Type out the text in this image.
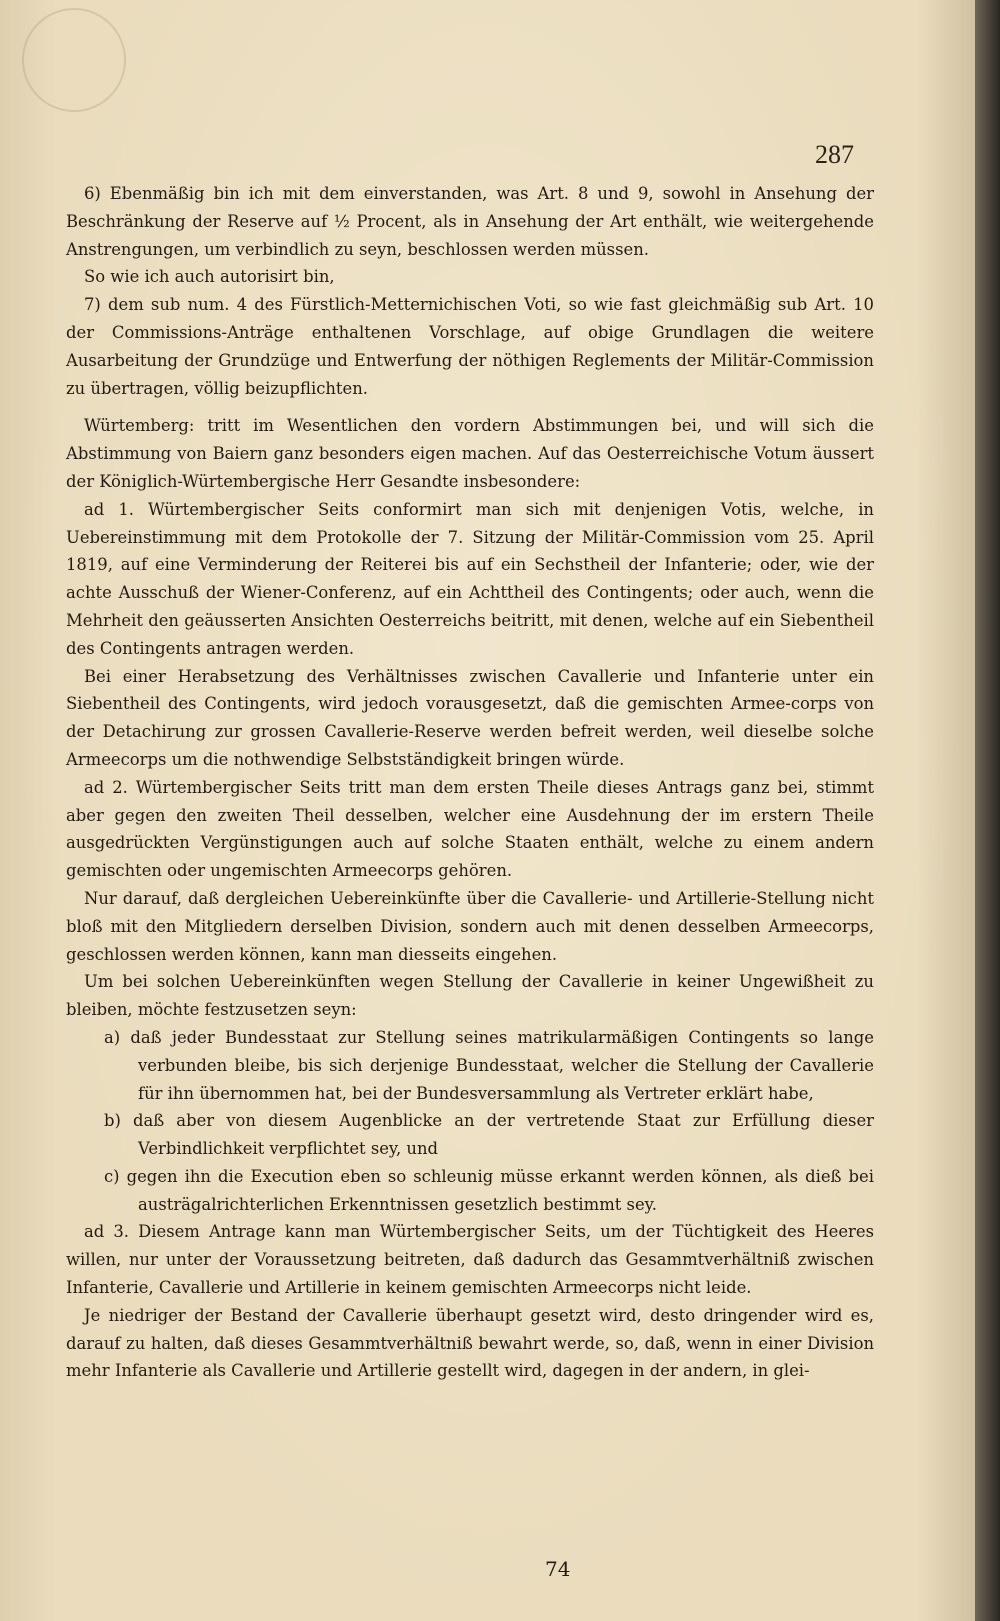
287

6) Ebenmäßig bin ich mit dem einverstanden, was Art. 8 und 9, sowohl in Ansehung der Beschränkung der Reserve auf ½ Procent, als in Ansehung der Art enthält, wie weitergehende Anstrengungen, um verbindlich zu seyn, beschlossen werden müssen.

So wie ich auch autorisirt bin,

7) dem sub num. 4 des Fürstlich-Metternichischen Voti, so wie fast gleichmäßig sub Art. 10 der Commissions-Anträge enthaltenen Vorschlage, auf obige Grundlagen die weitere Ausarbeitung der Grundzüge und Entwerfung der nöthigen Reglements der Militär-Commission zu übertragen, völlig beizupflichten.

Würtemberg: tritt im Wesentlichen den vordern Abstimmungen bei, und will sich die Abstimmung von Baiern ganz besonders eigen machen. Auf das Oesterreichische Votum äussert der Königlich-Würtembergische Herr Gesandte insbesondere:

ad 1. Würtembergischer Seits conformirt man sich mit denjenigen Votis, welche, in Uebereinstimmung mit dem Protokolle der 7. Sitzung der Militär-Commission vom 25. April 1819, auf eine Verminderung der Reiterei bis auf ein Sechstheil der Infanterie; oder, wie der achte Ausschuß der Wiener-Conferenz, auf ein Achttheil des Contingents; oder auch, wenn die Mehrheit den geäusserten Ansichten Oesterreichs beitritt, mit denen, welche auf ein Siebentheil des Contingents antragen werden.

Bei einer Herabsetzung des Verhältnisses zwischen Cavallerie und Infanterie unter ein Siebentheil des Contingents, wird jedoch vorausgesetzt, daß die gemischten Armee-corps von der Detachirung zur grossen Cavallerie-Reserve werden befreit werden, weil dieselbe solche Armeecorps um die nothwendige Selbstständigkeit bringen würde.

ad 2. Würtembergischer Seits tritt man dem ersten Theile dieses Antrags ganz bei, stimmt aber gegen den zweiten Theil desselben, welcher eine Ausdehnung der im erstern Theile ausgedrückten Vergünstigungen auch auf solche Staaten enthält, welche zu einem andern gemischten oder ungemischten Armeecorps gehören.

Nur darauf, daß dergleichen Uebereinkünfte über die Cavallerie- und Artillerie-Stellung nicht bloß mit den Mitgliedern derselben Division, sondern auch mit denen desselben Armeecorps, geschlossen werden können, kann man diesseits eingehen.

Um bei solchen Uebereinkünften wegen Stellung der Cavallerie in keiner Ungewißheit zu bleiben, möchte festzusetzen seyn:

a) daß jeder Bundesstaat zur Stellung seines matrikularmäßigen Contingents so lange verbunden bleibe, bis sich derjenige Bundesstaat, welcher die Stellung der Cavallerie für ihn übernommen hat, bei der Bundesversammlung als Vertreter erklärt habe,

b) daß aber von diesem Augenblicke an der vertretende Staat zur Erfüllung dieser Verbindlichkeit verpflichtet sey, und

c) gegen ihn die Execution eben so schleunig müsse erkannt werden können, als dieß bei austrägalrichterlichen Erkenntnissen gesetzlich bestimmt sey.

ad 3. Diesem Antrage kann man Würtembergischer Seits, um der Tüchtigkeit des Heeres willen, nur unter der Voraussetzung beitreten, daß dadurch das Gesammtverhältniß zwischen Infanterie, Cavallerie und Artillerie in keinem gemischten Armeecorps nicht leide.

Je niedriger der Bestand der Cavallerie überhaupt gesetzt wird, desto dringender wird es, darauf zu halten, daß dieses Gesammtverhältniß bewahrt werde, so, daß, wenn in einer Division mehr Infanterie als Cavallerie und Artillerie gestellt wird, dagegen in der andern, in glei-

74
